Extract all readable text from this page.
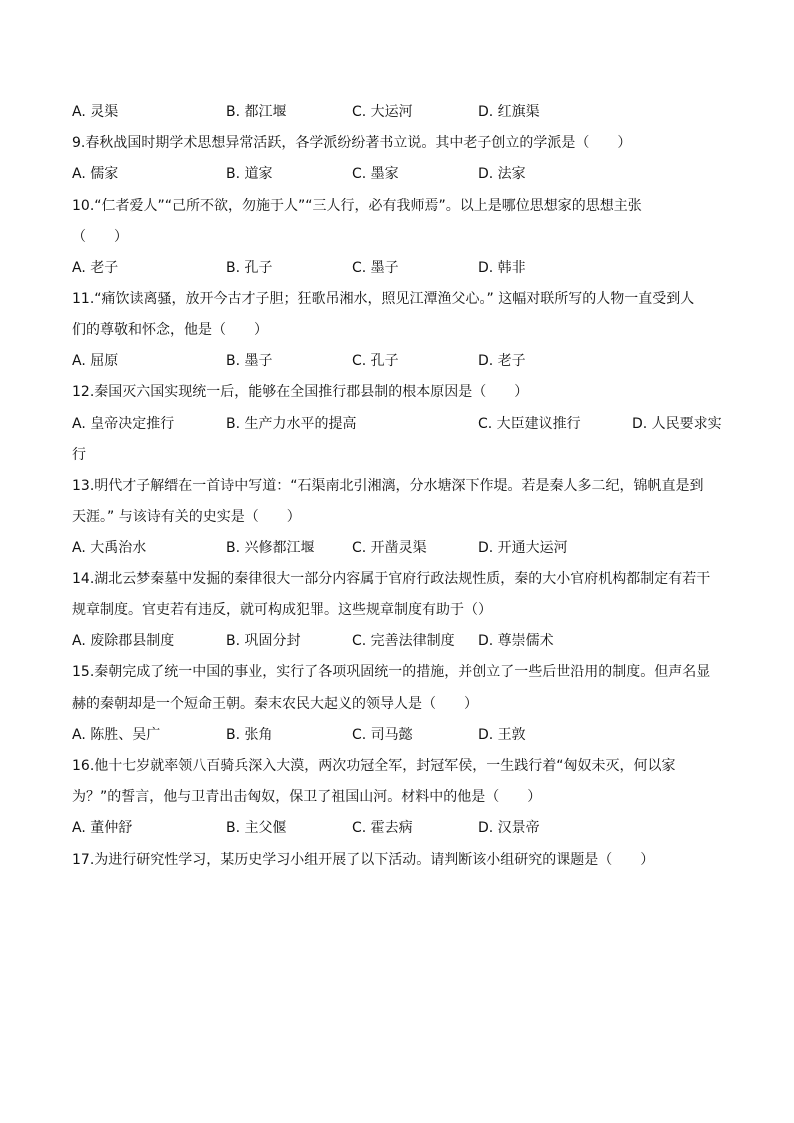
A. 灵渠	B. 都江堰	C. 大运河	D. 红旗渠
9.春秋战国时期学术思想异常活跃，各学派纷纷著书立说。其中老子创立的学派是（　　）
A. 儒家	B. 道家	C. 墨家	D. 法家
10.“仁者爱人”“己所不欲，勿施于人”“三人行，必有我师焉”。以上是哪位思想家的思想主张
（　　）
A. 老子	B. 孔子	C. 墨子	D. 韩非
11.“痛饮读离骚，放开今古才子胆；狂歌吊湘水，照见江潭渔父心。” 这幅对联所写的人物一直受到人
们的尊敬和怀念，他是（　　）
A. 屈原	B. 墨子	C. 孔子	D. 老子
12.秦国灭六国实现统一后，能够在全国推行郡县制的根本原因是（　　）
A. 皇帝决定推行	B. 生产力水平的提高	C. 大臣建议推行	D. 人民要求实
行
13.明代才子解缙在一首诗中写道：“石渠南北引湘漓，分水塘深下作堤。若是秦人多二纪，锦帆直是到
天涯。” 与该诗有关的史实是（　　）
A. 大禹治水	B. 兴修都江堰	C. 开凿灵渠	D. 开通大运河
14.湖北云梦秦墓中发掘的秦律很大一部分内容属于官府行政法规性质，秦的大小官府机构都制定有若干
规章制度。官吏若有违反，就可构成犯罪。这些规章制度有助于（）
A. 废除郡县制度	B. 巩固分封	C. 完善法律制度 D. 尊崇儒术
15.秦朝完成了统一中国的事业，实行了各项巩固统一的措施，并创立了一些后世沿用的制度。但声名显
赫的秦朝却是一个短命王朝。秦末农民大起义的领导人是（　　）
A. 陈胜、吴广	B. 张角	C. 司马懿	D. 王敦
16.他十七岁就率领八百骑兵深入大漠，两次功冠全军，封冠军侯，一生践行着“匈奴未灭，何以家
为？”的誓言，他与卫青出击匈奴，保卫了祖国山河。材料中的他是（　　）
A. 董仲舒	B. 主父偃	C. 霍去病	D. 汉景帝
17.为进行研究性学习，某历史学习小组开展了以下活动。请判断该小组研究的课题是（　　）
